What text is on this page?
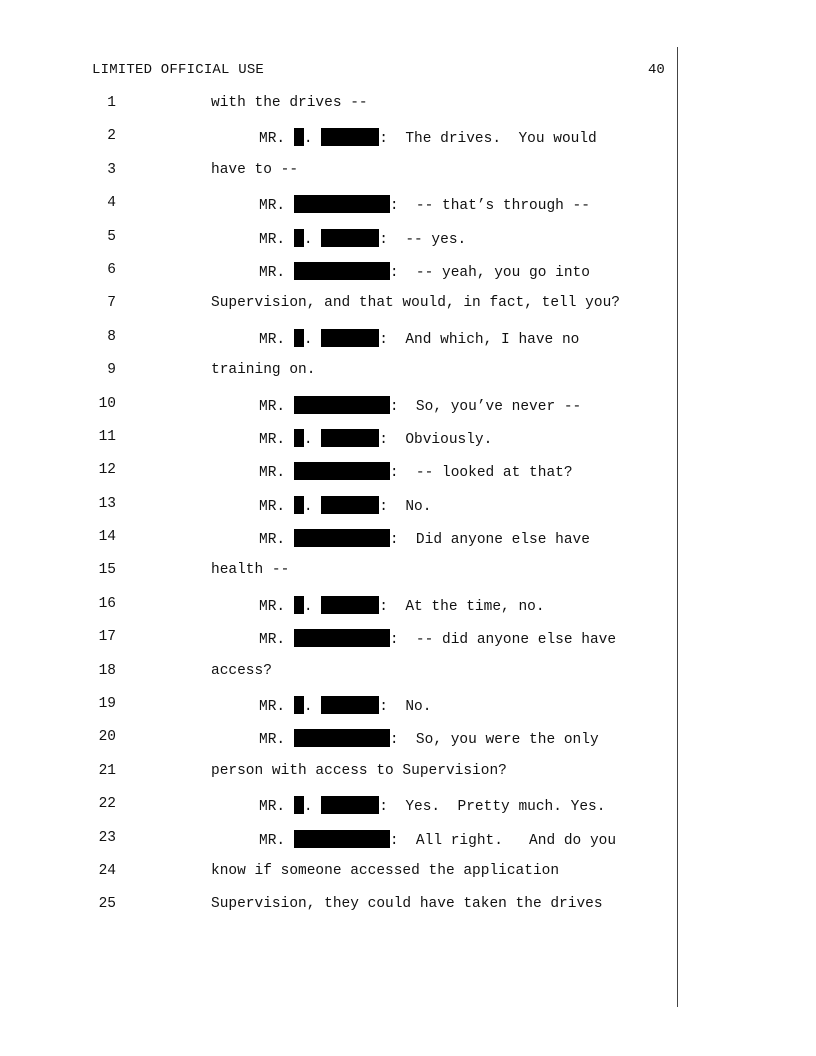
LIMITED OFFICIAL USE	40
1	with the drives --
2	MR. .	:  The drives.  You would
3	have to --
4	MR.	:  -- that’s through --
5	MR. .	:  -- yes.
6	MR.	:  -- yeah, you go into
7	Supervision, and that would, in fact, tell you?
8	MR. .	:  And which, I have no
9	training on.
10	MR.	:  So, you’ve never --
11	MR. .	:  Obviously.
12	MR.	:  -- looked at that?
13	MR. .	:  No.
14	MR.	:  Did anyone else have
15	health --
16	MR. .	:  At the time, no.
17	MR.	:  -- did anyone else have
18	access?
19	MR. .	:  No.
20	MR.	:  So, you were the only
21	person with access to Supervision?
22	MR. .	:  Yes.  Pretty much. Yes.
23	MR.	:  All right.   And do you
24	know if someone accessed the application
25	Supervision, they could have taken the drives
